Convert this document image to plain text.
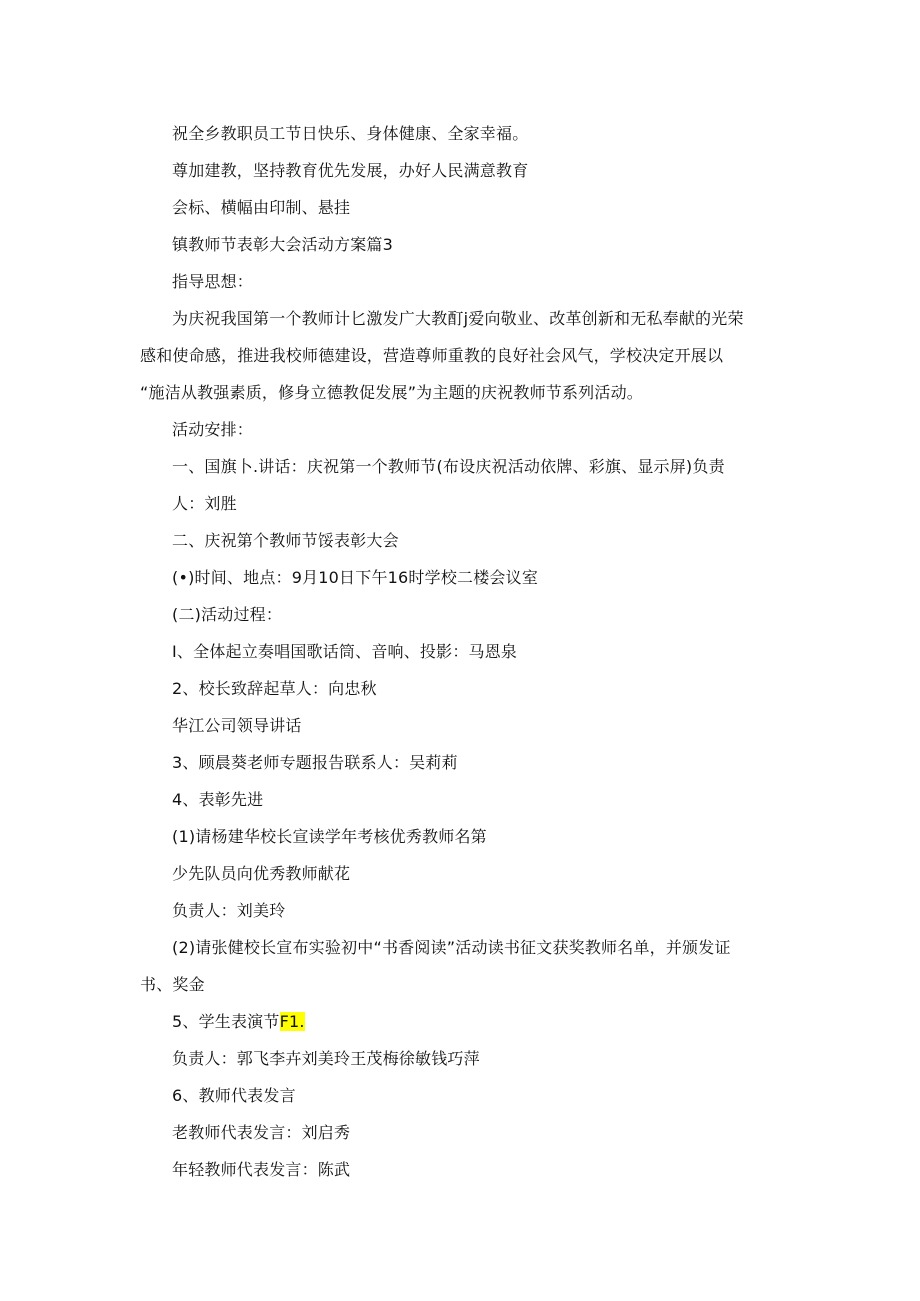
祝全乡教职员工节日快乐、身体健康、全家幸福。
尊加建教，坚持教育优先发展，办好人民满意教育
会标、横幅由印制、悬挂
镇教师节表彰大会活动方案篇3
指导思想：
为庆祝我国第一个教师计匕激发广大教酊j爱向敬业、改革创新和无私奉献的光荣
感和使命感，推进我校师德建设，营造尊师重教的良好社会风气，学校决定开展以
“施洁从教强素质，修身立德教促发展”为主题的庆祝教师节系列活动。
活动安排：
一、国旗卜.讲话：庆祝第一个教师节(布设庆祝活动依牌、彩旗、显示屏)负责
人：刘胜
二、庆祝第个教师节馁表彰大会
(•)时间、地点：9月10日下午16时学校二楼会议室
(二)活动过程：
I、全体起立奏唱国歌话筒、音响、投影：马恩泉
2、校长致辞起草人：向忠秋
华江公司领导讲话
3、顾晨葵老师专题报告联系人：吴莉莉
4、表彰先进
(1)请杨建华校长宣读学年考核优秀教师名第
少先队员向优秀教师献花
负责人：刘美玲
(2)请张健校长宣布实验初中“书香阅读”活动读书征文获奖教师名单，并颁发证
书、奖金
5、学生表演节F1.
负责人：郭飞李卉刘美玲王茂梅徐敏钱巧萍
6、教师代表发言
老教师代表发言：刘启秀
年轻教师代表发言：陈武
